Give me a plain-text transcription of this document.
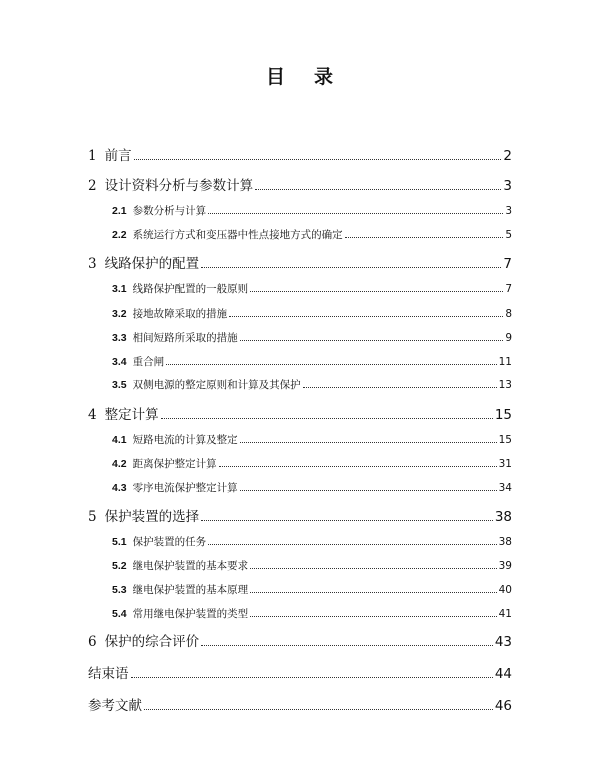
目 录
1 前言	2
2 设计资料分析与参数计算	3
2.1 参数分析与计算	3
2.2 系统运行方式和变压器中性点接地方式的确定	5
3 线路保护的配置	7
3.1 线路保护配置的一般原则	7
3.2 接地故障采取的措施	8
3.3 相间短路所采取的措施	9
3.4 重合闸	11
3.5 双侧电源的整定原则和计算及其保护	13
4 整定计算	15
4.1 短路电流的计算及整定	15
4.2 距离保护整定计算	31
4.3 零序电流保护整定计算	34
5 保护装置的选择	38
5.1 保护装置的任务	38
5.2 继电保护装置的基本要求	39
5.3 继电保护装置的基本原理	40
5.4 常用继电保护装置的类型	41
6 保护的综合评价	43
结束语	44
参考文献	46
